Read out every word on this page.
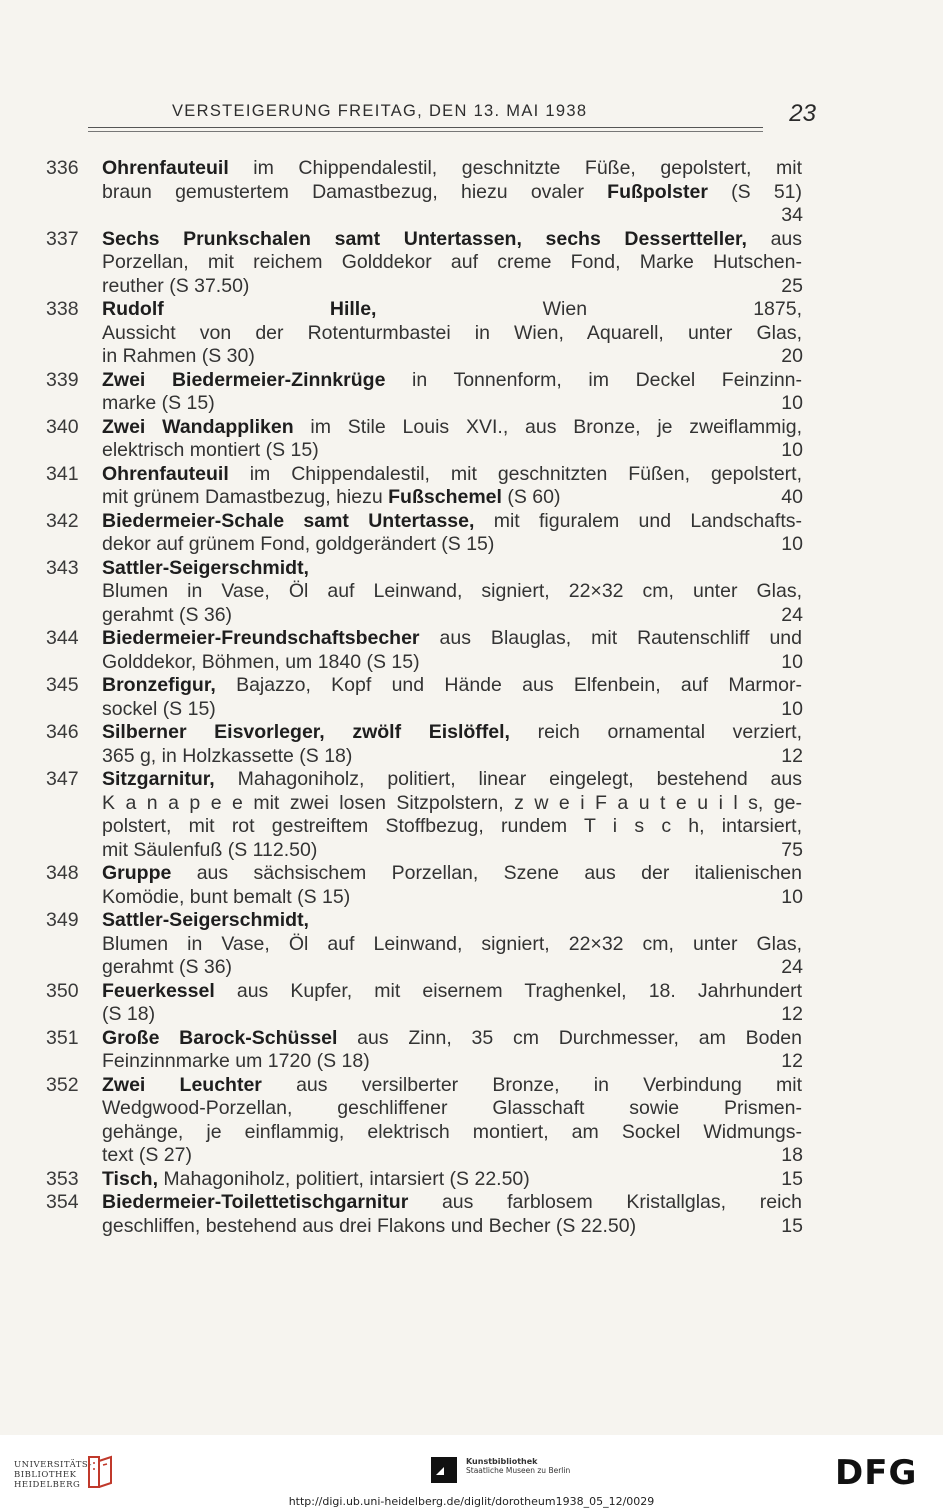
VERSTEIGERUNG FREITAG, DEN 13. MAI 1938	23
336 Ohrenfauteuil im Chippendalestil, geschnitzte Füße, gepolstert, mit
braun gemustertem Damastbezug, hiezu ovaler Fußpolster (S 51)
34
337 Sechs Prunkschalen samt Untertassen, sechs Dessertteller, aus
Porzellan, mit reichem Golddekor auf creme Fond, Marke Hutschen-
reuther (S 37.50)	25
338 Rudolf Hille, Wien 1875,
Aussicht von der Rotenturmbastei in Wien, Aquarell, unter Glas,
in Rahmen (S 30)	20
339 Zwei Biedermeier-Zinnkrüge in Tonnenform, im Deckel Feinzinn-
marke (S 15)	10
340 Zwei Wandappliken im Stile Louis XVI., aus Bronze, je zweiflammig,
elektrisch montiert (S 15)	10
341 Ohrenfauteuil im Chippendalestil, mit geschnitzten Füßen, gepolstert,
mit grünem Damastbezug, hiezu Fußschemel (S 60)	40
342 Biedermeier-Schale samt Untertasse, mit figuralem und Landschafts-
dekor auf grünem Fond, goldgerändert (S 15)	10
343 Sattler-Seigerschmidt,
Blumen in Vase, Öl auf Leinwand, signiert, 22×32 cm, unter Glas,
gerahmt (S 36)	24
344 Biedermeier-Freundschaftsbecher aus Blauglas, mit Rautenschliff und
Golddekor, Böhmen, um 1840 (S 15)	10
345 Bronzefigur, Bajazzo, Kopf und Hände aus Elfenbein, auf Marmor-
sockel (S 15)	10
346 Silberner Eisvorleger, zwölf Eislöffel, reich ornamental verziert,
365 g, in Holzkassette (S 18)	12
347 Sitzgarnitur, Mahagoniholz, politiert, linear eingelegt, bestehend aus
K a n a p e e mit zwei losen Sitzpolstern, z w e i F a u t e u i l s, ge-
polstert, mit rot gestreiftem Stoffbezug, rundem T i s c h, intarsiert,
mit Säulenfuß (S 112.50)	75
348 Gruppe aus sächsischem Porzellan, Szene aus der italienischen
Komödie, bunt bemalt (S 15)	10
349 Sattler-Seigerschmidt,
Blumen in Vase, Öl auf Leinwand, signiert, 22×32 cm, unter Glas,
gerahmt (S 36)	24
350 Feuerkessel aus Kupfer, mit eisernem Traghenkel, 18. Jahrhundert
(S 18)	12
351 Große Barock-Schüssel aus Zinn, 35 cm Durchmesser, am Boden
Feinzinnmarke um 1720 (S 18)	12
352 Zwei Leuchter aus versilberter Bronze, in Verbindung mit
Wedgwood-Porzellan, geschliffener Glasschaft sowie Prismen-
gehänge, je einflammig, elektrisch montiert, am Sockel Widmungs-
text (S 27)	18
353 Tisch, Mahagoniholz, politiert, intarsiert (S 22.50)	15
354 Biedermeier-Toilettetischgarnitur aus farblosem Kristallglas, reich
geschliffen, bestehend aus drei Flakons und Becher (S 22.50)	15
UNIVERSITÄTS-
BIBLIOTHEK
HEIDELBERG
Kunstbibliothek
Staatliche Museen zu Berlin	DFG
http://digi.ub.uni-heidelberg.de/diglit/dorotheum1938_05_12/0029
